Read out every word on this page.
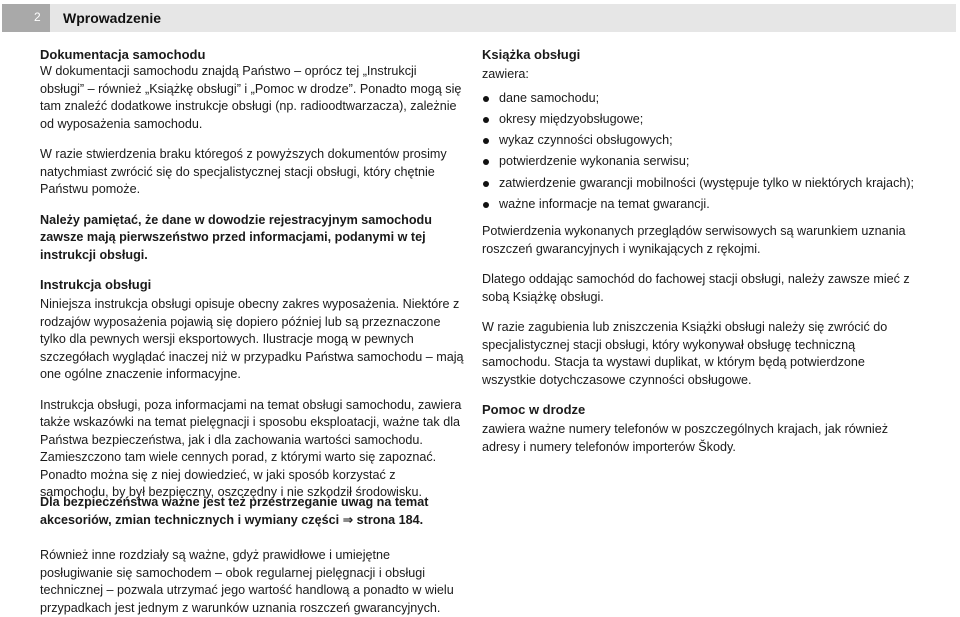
2 Wprowadzenie
Dokumentacja samochodu

W dokumentacji samochodu znajdą Państwo – oprócz tej „Instrukcji obsługi” – również „Książkę obsługi” i „Pomoc w drodze”. Ponadto mogą się tam znaleźć dodatkowe instrukcje obsługi (np. radioodtwarzacza), zależnie od wyposażenia samochodu.

W razie stwierdzenia braku któregoś z powyższych dokumentów prosimy natychmiast zwrócić się do specjalistycznej stacji obsługi, który chętnie Państwu pomoże.

Należy pamiętać, że dane w dowodzie rejestracyjnym samochodu zawsze mają pierwszeństwo przed informacjami, podanymi w tej instrukcji obsługi.

Instrukcja obsługi

Niniejsza instrukcja obsługi opisuje obecny zakres wyposażenia. Niektóre z rodzajów wyposażenia pojawią się dopiero później lub są przeznaczone tylko dla pewnych wersji eksportowych. Ilustracje mogą w pewnych szczegółach wyglądać inaczej niż w przypadku Państwa samochodu – mają one ogólne znaczenie informacyjne.

Instrukcja obsługi, poza informacjami na temat obsługi samochodu, zawiera także wskazówki na temat pielęgnacji i sposobu eksploatacji, ważne tak dla Państwa bezpieczeństwa, jak i dla zachowania wartości samochodu. Zamieszczono tam wiele cennych porad, z którymi warto się zapoznać. Ponadto można się z niej dowiedzieć, w jaki sposób korzystać z samochodu, by był bezpieczny, oszczędny i nie szkodził środowisku.

Dla bezpieczeństwa ważne jest też przestrzeganie uwag na temat akcesoriów, zmian technicznych i wymiany części ⇒ strona 184.

Również inne rozdziały są ważne, gdyż prawidłowe i umiejętne posługiwanie się samochodem – obok regularnej pielęgnacji i obsługi technicznej – pozwala utrzymać jego wartość handlową a ponadto w wielu przypadkach jest jednym z warunków uznania roszczeń gwarancyjnych.

Książka obsługi

zawiera:

dane samochodu;
okresy międzyobsługowe;
wykaz czynności obsługowych;
potwierdzenie wykonania serwisu;
zatwierdzenie gwarancji mobilności (występuje tylko w niektórych krajach);
ważne informacje na temat gwarancji.

Potwierdzenia wykonanych przeglądów serwisowych są warunkiem uznania roszczeń gwarancyjnych i wynikających z rękojmi.

Dlatego oddając samochód do fachowej stacji obsługi, należy zawsze mieć z sobą Książkę obsługi.

W razie zagubienia lub zniszczenia Książki obsługi należy się zwrócić do specjalistycznej stacji obsługi, który wykonywał obsługę techniczną samochodu. Stacja ta wystawi duplikat, w którym będą potwierdzone wszystkie dotychczasowe czynności obsługowe.

Pomoc w drodze

zawiera ważne numery telefonów w poszczególnych krajach, jak również adresy i numery telefonów importerów Škody.
